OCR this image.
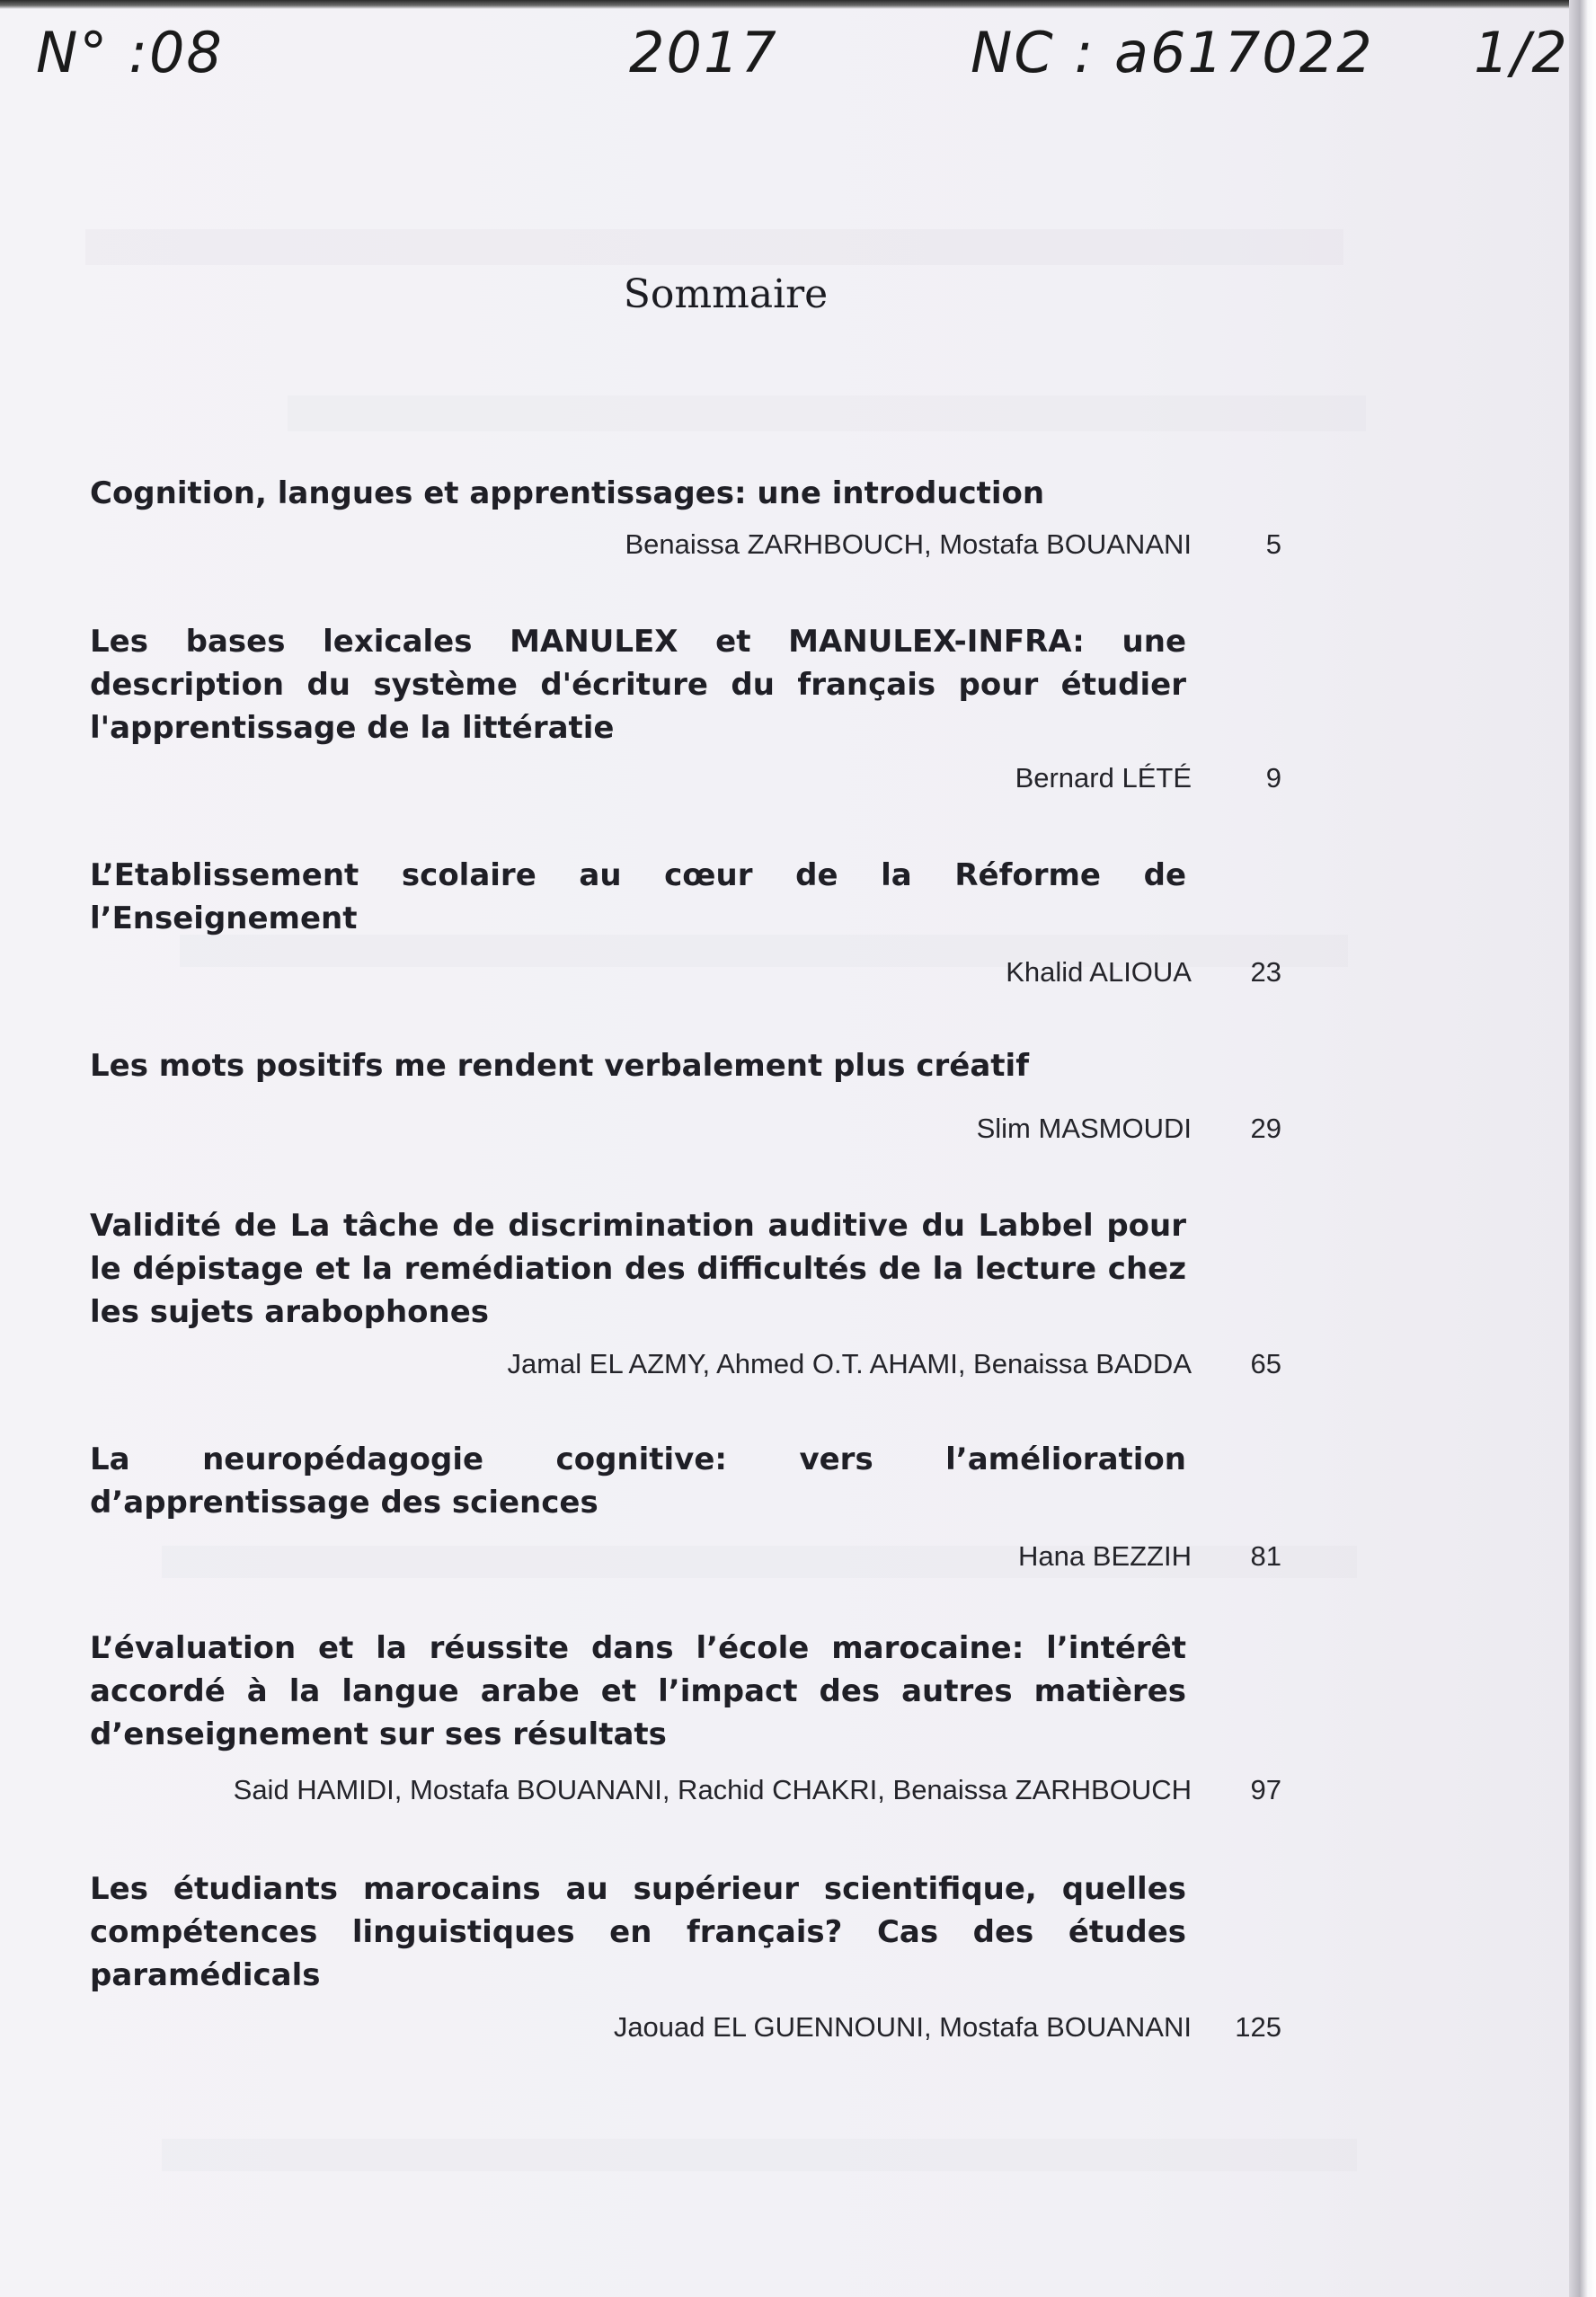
N° :08	2017	NC : a617022 1/2
Sommaire
Cognition, langues et apprentissages: une introduction
Benaissa ZARHBOUCH, Mostafa BOUANANI	5
Les bases lexicales MANULEX et MANULEX-INFRA: une description du système d'écriture du français pour étudier l'apprentissage de la littératie
Bernard LÉTÉ	9
L’Etablissement scolaire au cœur de la Réforme de l’Enseignement
Khalid ALIOUA	23
Les mots positifs me rendent verbalement plus créatif
Slim MASMOUDI	29
Validité de La tâche de discrimination auditive du Labbel pour le dépistage et la remédiation des difficultés de la lecture chez les sujets arabophones
Jamal EL AZMY, Ahmed O.T. AHAMI, Benaissa BADDA	65
La neuropédagogie cognitive: vers l’amélioration d’apprentissage des sciences
Hana BEZZIH	81
L’évaluation et la réussite dans l’école marocaine: l’intérêt accordé à la langue arabe et l’impact des autres matières d’enseignement sur ses résultats
Said HAMIDI, Mostafa BOUANANI, Rachid CHAKRI, Benaissa ZARHBOUCH	97
Les étudiants marocains au supérieur scientifique, quelles compétences linguistiques en français? Cas des études paramédicals
Jaouad EL GUENNOUNI, Mostafa BOUANANI	125
